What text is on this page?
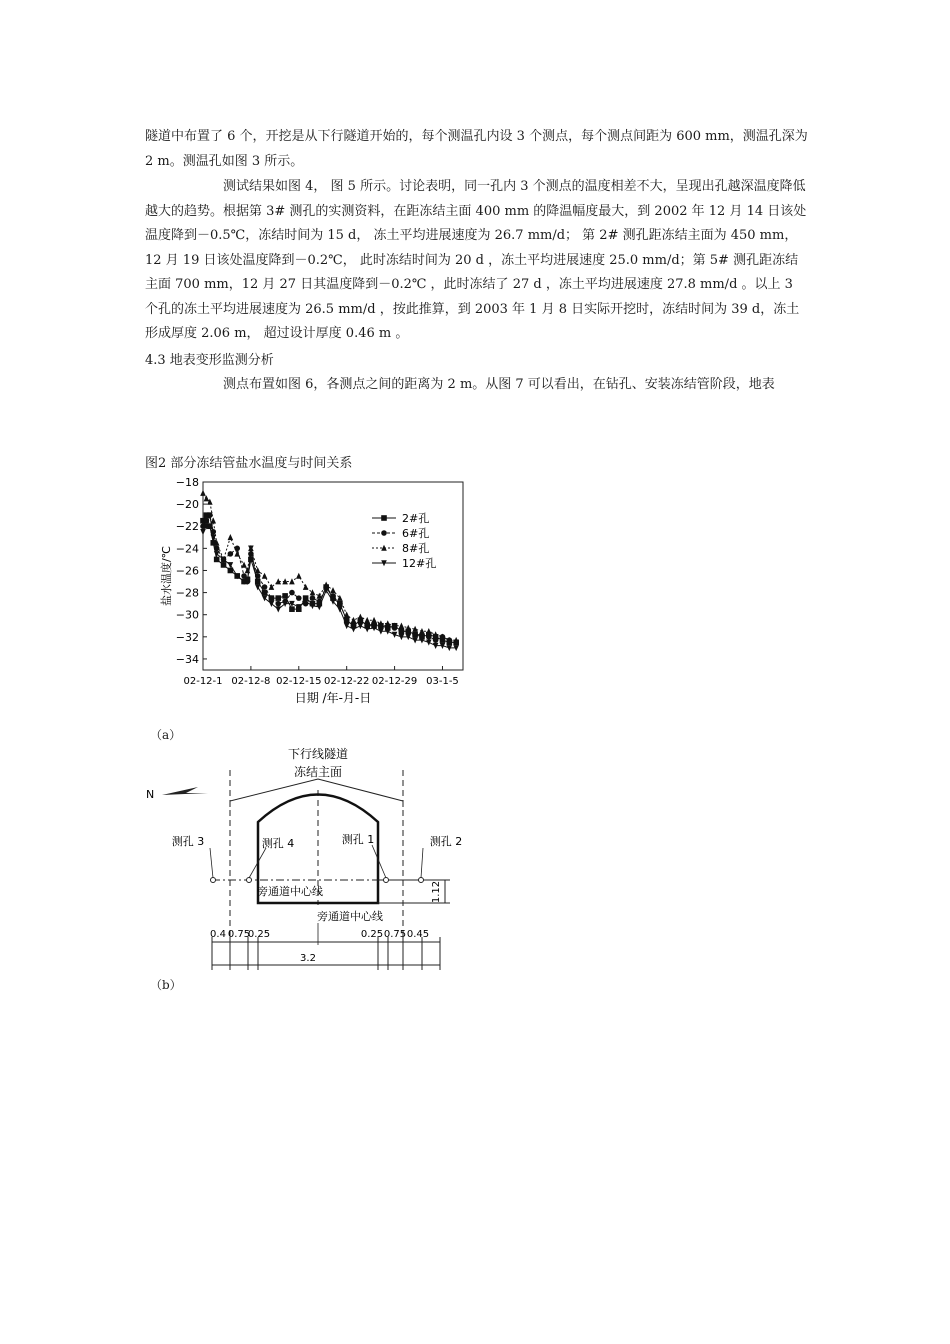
隧道中布置了 6 个，开挖是从下行隧道开始的，每个测温孔内设 3 个测点，每个测点间距为 600 mm，测温孔深为 2 m。测温孔如图 3 所示。

测试结果如图 4， 图 5 所示。讨论表明，同一孔内 3 个测点的温度相差不大，呈现出孔越深温度降低越大的趋势。根据第 3# 测孔的实测资料，在距冻结主面 400 mm 的降温幅度最大，到 2002 年 12 月 14 日该处温度降到－0.5℃，冻结时间为 15 d， 冻土平均进展速度为 26.7 mm/d； 第 2# 测孔距冻结主面为 450 mm，12 月 19 日该处温度降到－0.2℃， 此时冻结时间为 20 d ，冻土平均进展速度 25.0 mm/d；第 5# 测孔距冻结主面 700 mm，12 月 27 日其温度降到－0.2℃ ，此时冻结了 27 d ，冻土平均进展速度 27.8 mm/d 。以上 3 个孔的冻土平均进展速度为 26.5 mm/d ，按此推算，到 2003 年 1 月 8 日实际开挖时，冻结时间为 39 d，冻土形成厚度 2.06 m， 超过设计厚度 0.46 m 。

4.3 地表变形监测分析

测点布置如图 6，各测点之间的距离为 2 m。从图 7 可以看出，在钻孔、安装冻结管阶段，地表

图2 部分冻结管盐水温度与时间关系

−18
−20
−22
−24
−26
−28
−30
−32
−34
02-12-1 02-12-8 02-12-15 02-12-22 02-12-29 03-1-5
日期 /年-月-日
盐水温度/℃
2#孔
6#孔
8#孔
12#孔

（a）

下行线隧道
冻结主面
N
1.12
测孔 3	测孔 4	测孔 1	测孔 2
旁通道中心线
旁通道中心线
0.4 0.75
0.25	0.25 0.75 0.45
3.2

（b）
